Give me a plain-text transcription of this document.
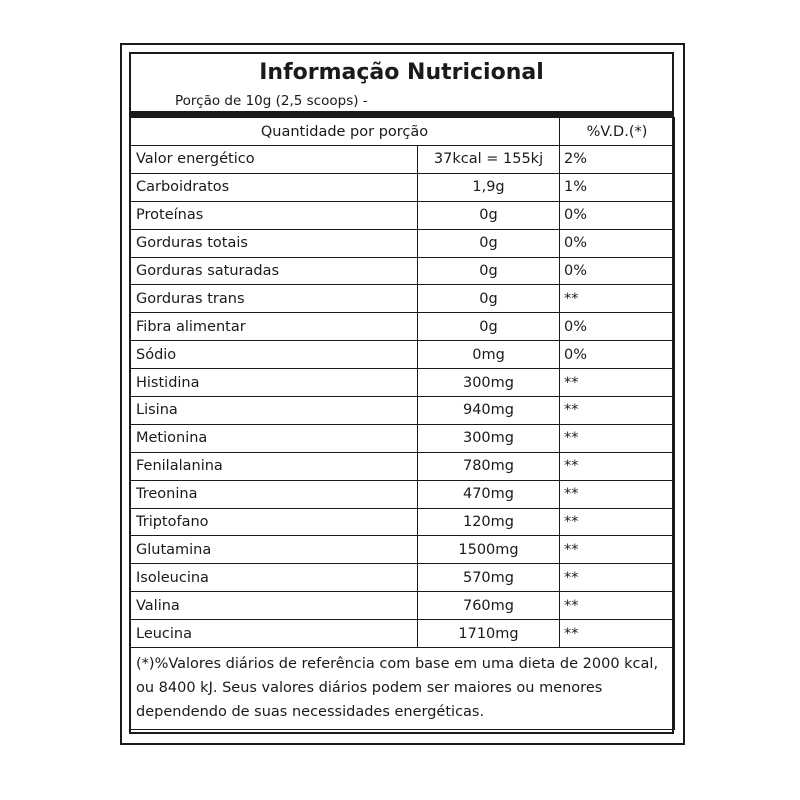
Informação Nutricional
Porção de 10g (2,5 scoops) -
Quantidade por porção		%V.D.(*)
Valor energético	37kcal = 155kj	2%
Carboidratos	1,9g	1%
Proteínas	0g	0%
Gorduras totais	0g	0%
Gorduras saturadas	0g	0%
Gorduras trans	0g	**
Fibra alimentar	0g	0%
Sódio	0mg	0%
Histidina	300mg	**
Lisina	940mg	**
Metionina	300mg	**
Fenilalanina	780mg	**
Treonina	470mg	**
Triptofano	120mg	**
Glutamina	1500mg	**
Isoleucina	570mg	**
Valina	760mg	**
Leucina	1710mg	**
(*)%Valores diários de referência com base em uma dieta de 2000 kcal, ou 8400 kJ. Seus valores diários podem ser maiores ou menores dependendo de suas necessidades energéticas.		
